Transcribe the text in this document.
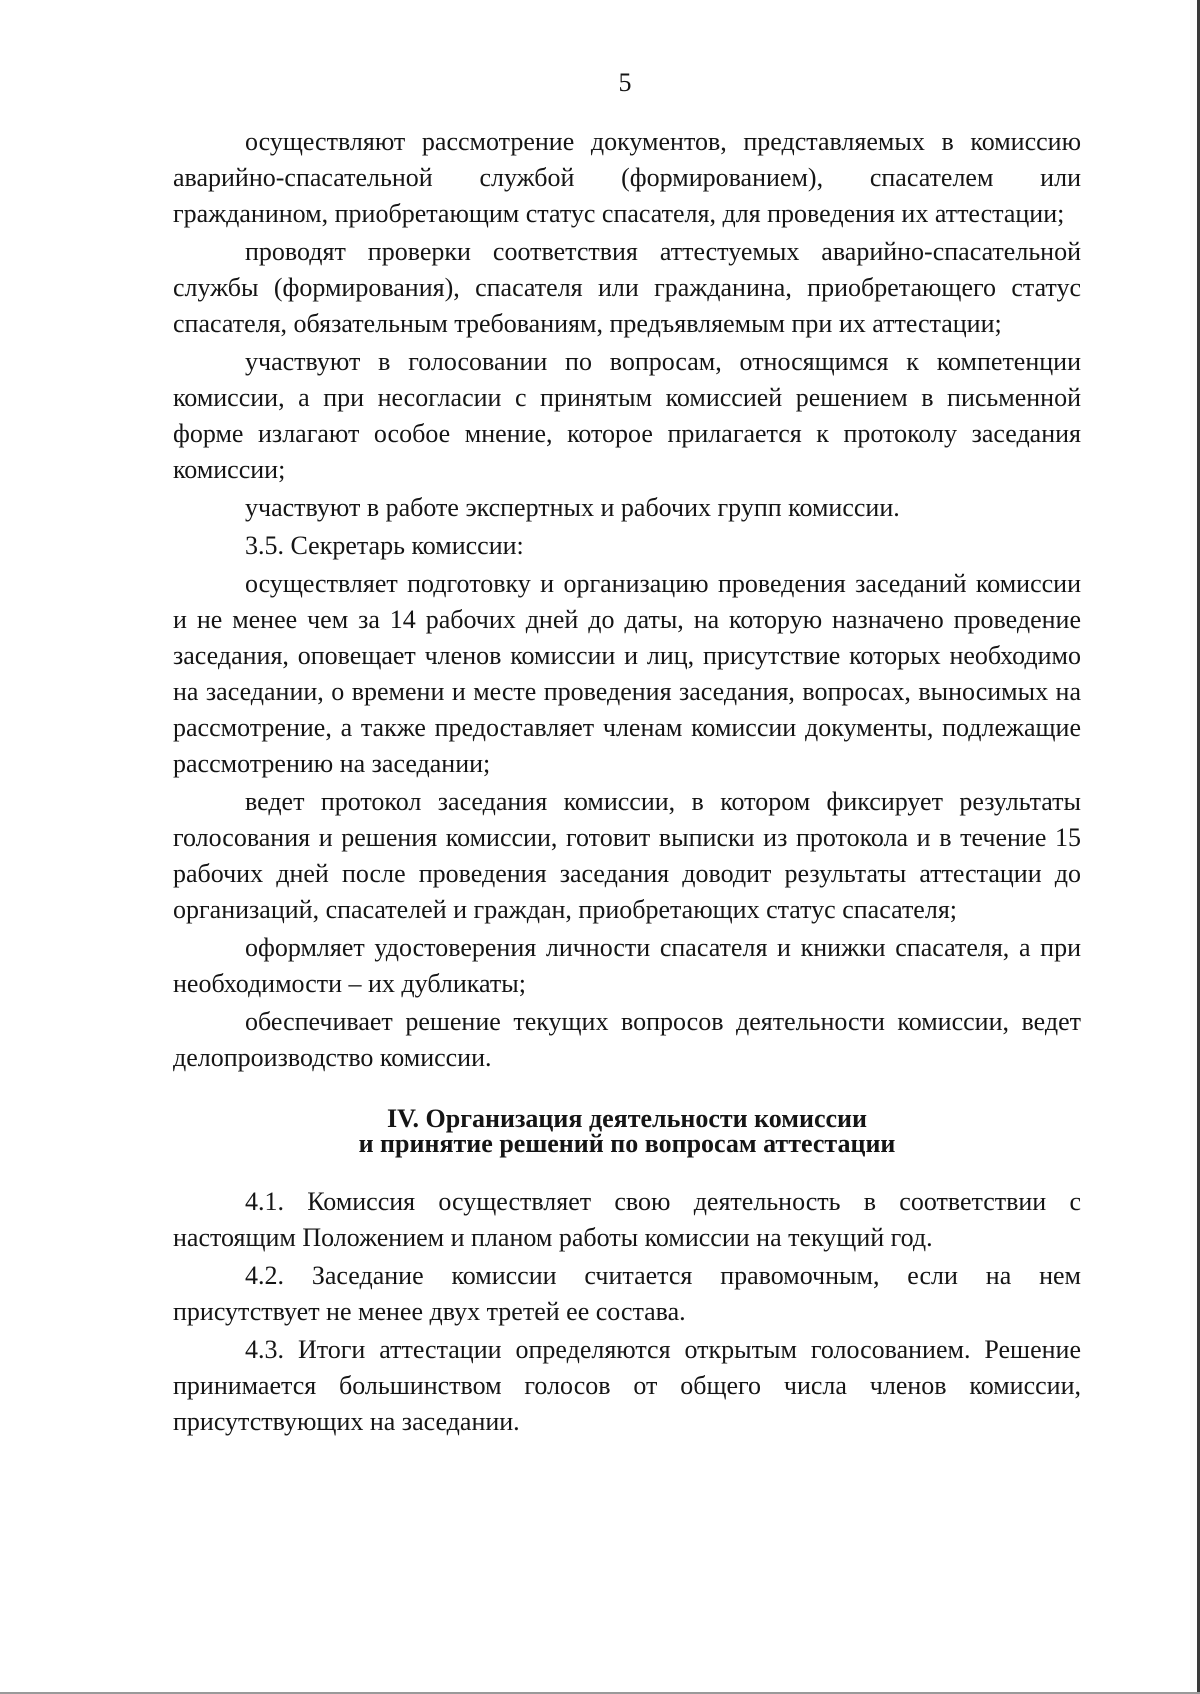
5

осуществляют рассмотрение документов, представляемых в комиссию аварийно-спасательной службой (формированием), спасателем или гражданином, приобретающим статус спасателя, для проведения их аттестации;

проводят проверки соответствия аттестуемых аварийно-спасательной службы (формирования), спасателя или гражданина, приобретающего статус спасателя, обязательным требованиям, предъявляемым при их аттестации;

участвуют в голосовании по вопросам, относящимся к компетенции комиссии, а при несогласии с принятым комиссией решением в письменной форме излагают особое мнение, которое прилагается к протоколу заседания комиссии;

участвуют в работе экспертных и рабочих групп комиссии.

3.5. Секретарь комиссии:

осуществляет подготовку и организацию проведения заседаний комиссии и не менее чем за 14 рабочих дней до даты, на которую назначено проведение заседания, оповещает членов комиссии и лиц, присутствие которых необходимо на заседании, о времени и месте проведения заседания, вопросах, выносимых на рассмотрение, а также предоставляет членам комиссии документы, подлежащие рассмотрению на заседании;

ведет протокол заседания комиссии, в котором фиксирует результаты голосования и решения комиссии, готовит выписки из протокола и в течение 15 рабочих дней после проведения заседания доводит результаты аттестации до организаций, спасателей и граждан, приобретающих статус спасателя;

оформляет удостоверения личности спасателя и книжки спасателя, а при необходимости – их дубликаты;

обеспечивает решение текущих вопросов деятельности комиссии, ведет делопроизводство комиссии.

IV. Организация деятельности комиссии
и принятие решений по вопросам аттестации

4.1. Комиссия осуществляет свою деятельность в соответствии с настоящим Положением и планом работы комиссии на текущий год.

4.2. Заседание комиссии считается правомочным, если на нем присутствует не менее двух третей ее состава.

4.3. Итоги аттестации определяются открытым голосованием. Решение принимается большинством голосов от общего числа членов комиссии, присутствующих на заседании.
